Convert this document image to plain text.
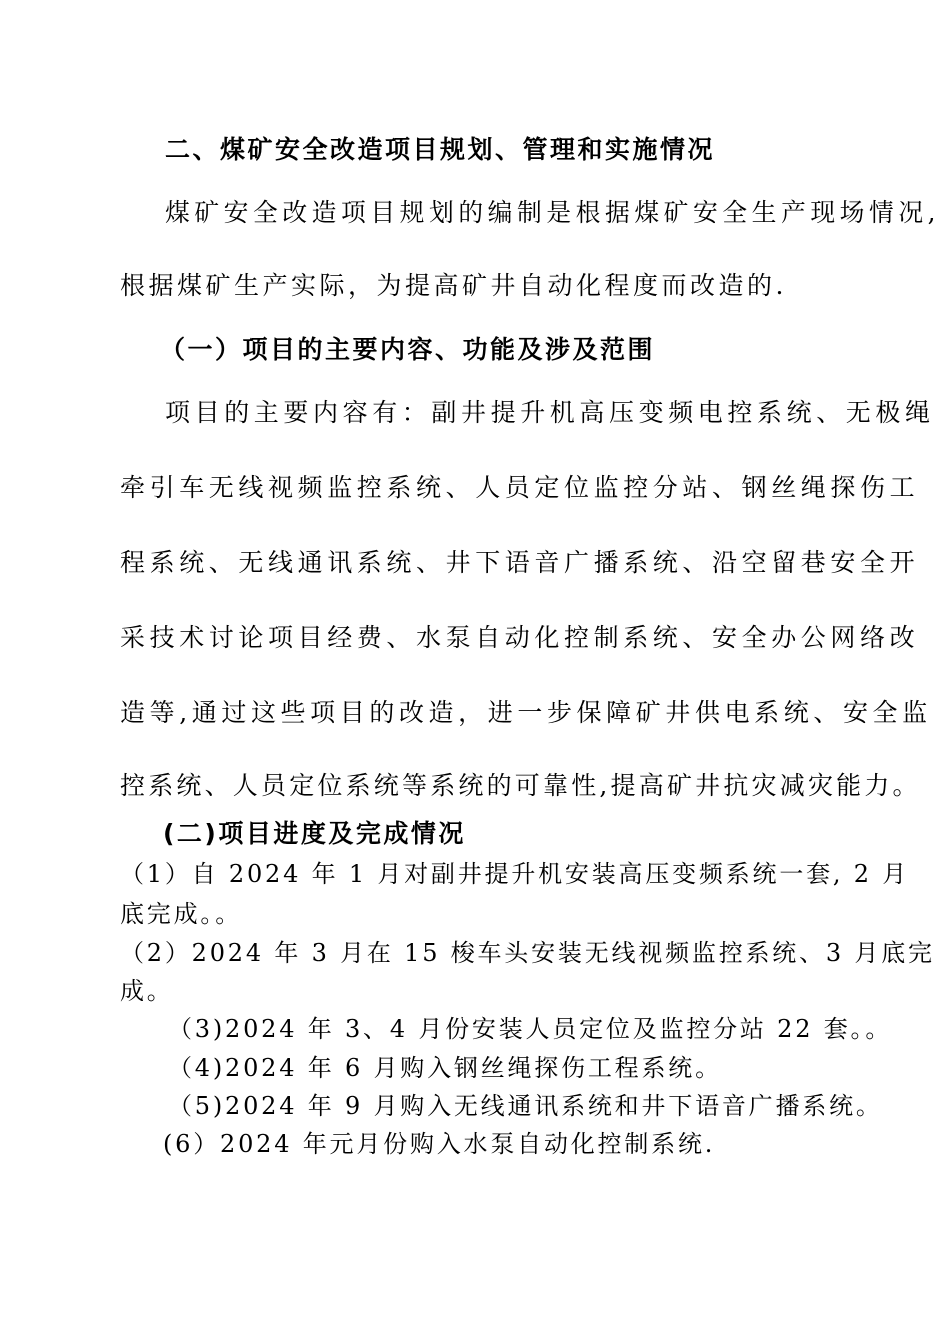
二、煤矿安全改造项目规划、管理和实施情况

煤矿安全改造项目规划的编制是根据煤矿安全生产现场情况,

根据煤矿生产实际，为提高矿井自动化程度而改造的.

（一）项目的主要内容、功能及涉及范围

项目的主要内容有：副井提升机高压变频电控系统、无极绳

牵引车无线视频监控系统、人员定位监控分站、钢丝绳探伤工

程系统、无线通讯系统、井下语音广播系统、沿空留巷安全开

采技术讨论项目经费、水泵自动化控制系统、安全办公网络改

造等,通过这些项目的改造，进一步保障矿井供电系统、安全监

控系统、人员定位系统等系统的可靠性,提高矿井抗灾减灾能力。

(二)项目进度及完成情况

（1）自 2024 年 1 月对副井提升机安装高压变频系统一套, 2 月

底完成。。

（2）2024 年 3 月在 15 梭车头安装无线视频监控系统、3 月底完

成。

（3)2024 年 3、4 月份安装人员定位及监控分站 22 套。。

（4)2024 年 6 月购入钢丝绳探伤工程系统。

（5)2024 年 9 月购入无线通讯系统和井下语音广播系统。

(6）2024 年元月份购入水泵自动化控制系统.
